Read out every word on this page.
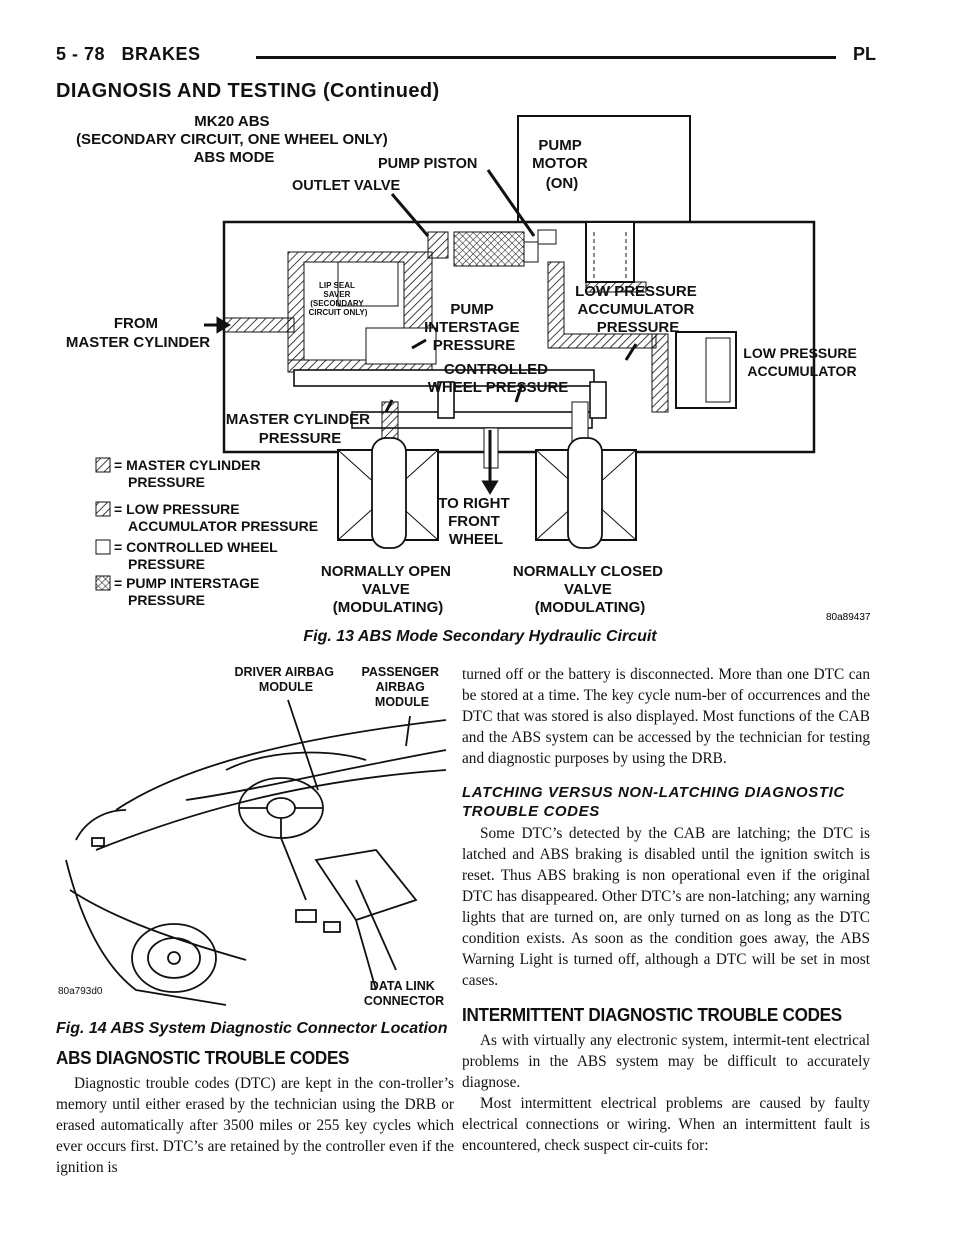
5 - 78 BRAKES	PL
DIAGNOSIS AND TESTING (Continued)
MK20 ABS (SECONDARY CIRCUIT, ONE WHEEL ONLY) ABS MODE	PUMP PISTON
OUTLET VALVE
PUMP MOTOR (ON)
LIP SEAL SAVER (SECONDARY CIRCUIT ONLY)
FROM MASTER CYLINDER
PUMP INTERSTAGE PRESSURE
LOW PRESSURE ACCUMULATOR PRESSURE
LOW PRESSURE ACCUMULATOR
CONTROLLED WHEEL PRESSURE
MASTER CYLINDER PRESSURE
TO RIGHT FRONT WHEEL
NORMALLY OPEN VALVE (MODULATING)
NORMALLY CLOSED VALVE (MODULATING)
80a89437
= MASTER CYLINDER PRESSURE
= LOW PRESSURE ACCUMULATOR PRESSURE
= CONTROLLED WHEEL PRESSURE
= PUMP INTERSTAGE PRESSURE
Fig. 13 ABS Mode Secondary Hydraulic Circuit
DRIVER AIRBAG MODULE
PASSENGER AIRBAG MODULE
DATA LINK CONNECTOR
80a793d0
Fig. 14 ABS System Diagnostic Connector Location
ABS DIAGNOSTIC TROUBLE CODES

Diagnostic trouble codes (DTC) are kept in the con-troller’s memory until either erased by the technician using the DRB or erased automatically after 3500 miles or 255 key cycles which ever occurs first. DTC’s are retained by the controller even if the ignition is

turned off or the battery is disconnected. More than one DTC can be stored at a time. The key cycle num-ber of occurrences and the DTC that was stored is also displayed. Most functions of the CAB and the ABS system can be accessed by the technician for testing and diagnostic purposes by using the DRB.

LATCHING VERSUS NON-LATCHING DIAGNOSTIC TROUBLE CODES

Some DTC’s detected by the CAB are latching; the DTC is latched and ABS braking is disabled until the ignition switch is reset. Thus ABS braking is non operational even if the original DTC has disappeared. Other DTC’s are non-latching; any warning lights that are turned on, are only turned on as long as the DTC condition exists. As soon as the condition goes away, the ABS Warning Light is turned off, although a DTC will be set in most cases.

INTERMITTENT DIAGNOSTIC TROUBLE CODES

As with virtually any electronic system, intermit-tent electrical problems in the ABS system may be difficult to accurately diagnose.

Most intermittent electrical problems are caused by faulty electrical connections or wiring. When an intermittent fault is encountered, check suspect cir-cuits for:
